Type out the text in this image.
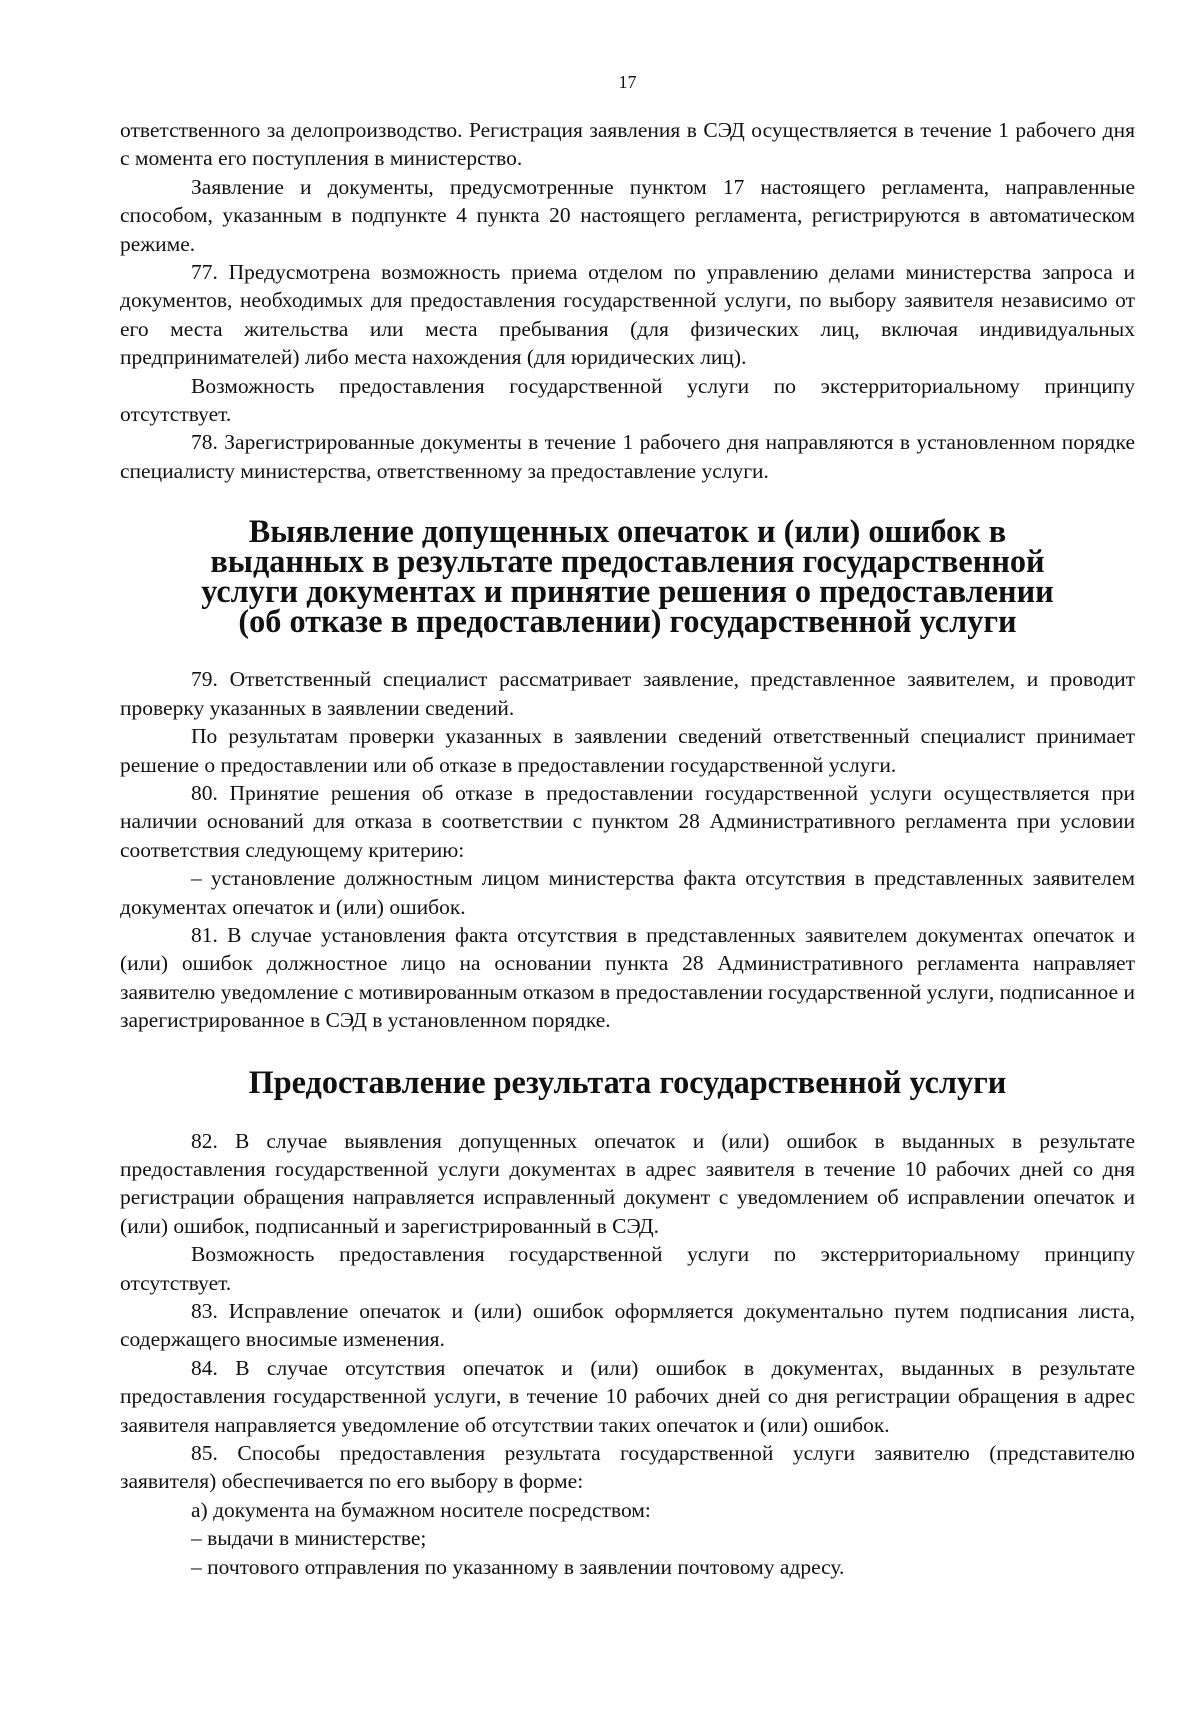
17

ответственного за делопроизводство. Регистрация заявления в СЭД осуществляется в течение 1 рабочего дня с момента его поступления в министерство.

Заявление и документы, предусмотренные пунктом 17 настоящего регламента, направленные способом, указанным в подпункте 4 пункта 20 настоящего регламента, регистрируются в автоматическом режиме.

77. Предусмотрена возможность приема отделом по управлению делами министерства запроса и документов, необходимых для предоставления государственной услуги, по выбору заявителя независимо от его места жительства или места пребывания (для физических лиц, включая индивидуальных предпринимателей) либо места нахождения (для юридических лиц).

Возможность предоставления государственной услуги по экстерриториальному принципу отсутствует.

78. Зарегистрированные документы в течение 1 рабочего дня направляются в установленном порядке специалисту министерства, ответственному за предоставление услуги.

Выявление допущенных опечаток и (или) ошибок в выданных в результате предоставления государственной услуги документах и принятие решения о предоставлении (об отказе в предоставлении) государственной услуги

79. Ответственный специалист рассматривает заявление, представленное заявителем, и проводит проверку указанных в заявлении сведений.

По результатам проверки указанных в заявлении сведений ответственный специалист принимает решение о предоставлении или об отказе в предоставлении государственной услуги.

80. Принятие решения об отказе в предоставлении государственной услуги осуществляется при наличии оснований для отказа в соответствии с пунктом 28 Административного регламента при условии соответствия следующему критерию:

– установление должностным лицом министерства факта отсутствия в представленных заявителем документах опечаток и (или) ошибок.

81. В случае установления факта отсутствия в представленных заявителем документах опечаток и (или) ошибок должностное лицо на основании пункта 28 Административного регламента направляет заявителю уведомление с мотивированным отказом в предоставлении государственной услуги, подписанное и зарегистрированное в СЭД в установленном порядке.

Предоставление результата государственной услуги

82. В случае выявления допущенных опечаток и (или) ошибок в выданных в результате предоставления государственной услуги документах в адрес заявителя в течение 10 рабочих дней со дня регистрации обращения направляется исправленный документ с уведомлением об исправлении опечаток и (или) ошибок, подписанный и зарегистрированный в СЭД.

Возможность предоставления государственной услуги по экстерриториальному принципу отсутствует.

83. Исправление опечаток и (или) ошибок оформляется документально путем подписания листа, содержащего вносимые изменения.

84. В случае отсутствия опечаток и (или) ошибок в документах, выданных в результате предоставления государственной услуги, в течение 10 рабочих дней со дня регистрации обращения в адрес заявителя направляется уведомление об отсутствии таких опечаток и (или) ошибок.

85. Способы предоставления результата государственной услуги заявителю (представителю заявителя) обеспечивается по его выбору в форме:

а) документа на бумажном носителе посредством:

– выдачи в министерстве;

– почтового отправления по указанному в заявлении почтовому адресу.
